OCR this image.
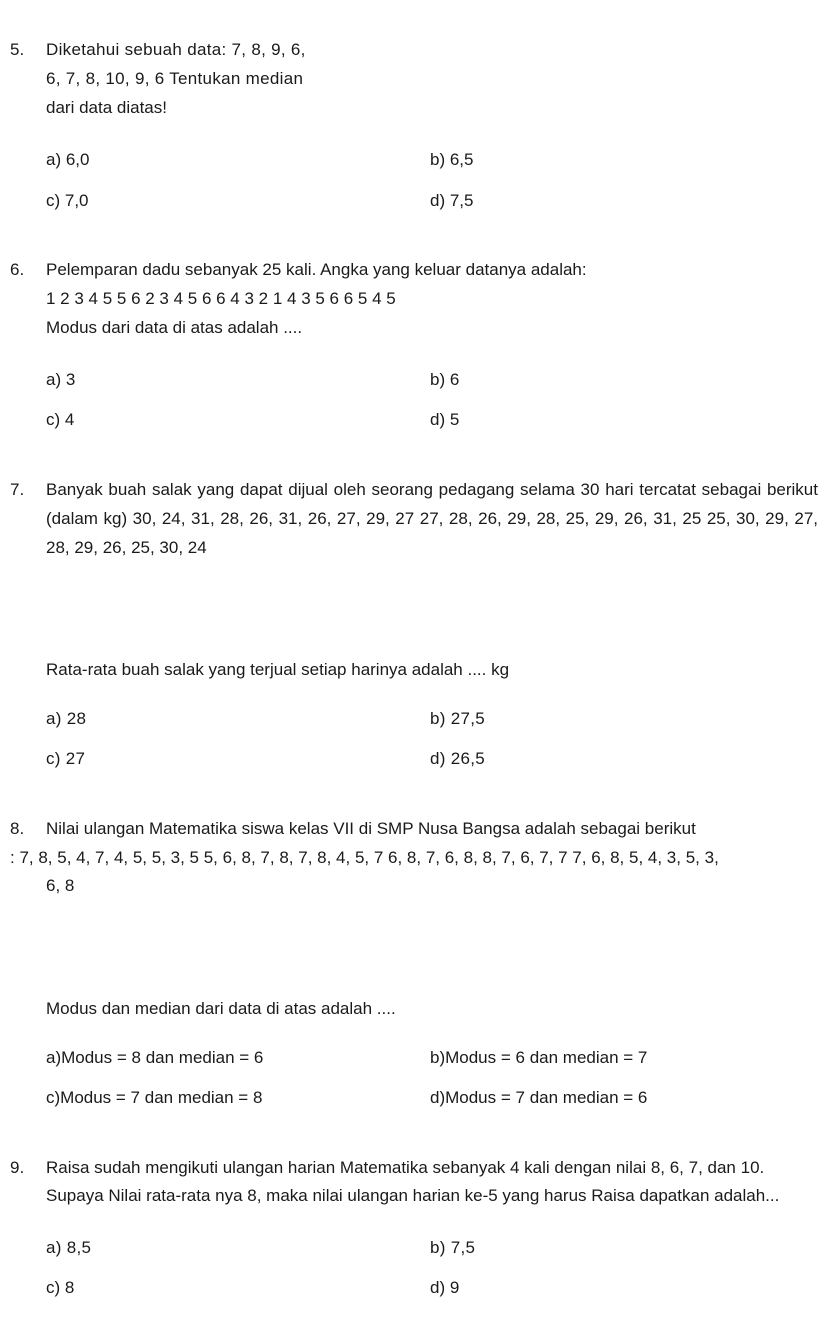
5. Diketahui sebuah data: 7, 8, 9, 6,
6, 7, 8, 10, 9, 6 Tentukan median
dari data diatas!
a) 6,0	b) 6,5
c) 7,0	d) 7,5
6. Pelemparan dadu sebanyak 25 kali. Angka yang keluar datanya adalah:
1 2 3 4 5 5 6 2 3 4 5 6 6 4 3 2 1 4 3 5 6 6 5 4 5
Modus dari data di atas adalah ....
a) 3	b) 6
c) 4	d) 5
7. Banyak buah salak yang dapat dijual oleh seorang pedagang selama 30 hari tercatat sebagai berikut (dalam kg) 30, 24, 31, 28, 26, 31, 26, 27, 29, 27 27, 28, 26, 29, 28, 25, 29, 26, 31, 25 25, 30, 29, 27, 28, 29, 26, 25, 30, 24
Rata-rata buah salak yang terjual setiap harinya adalah .... kg
a) 28	b) 27,5
c) 27	d) 26,5
8. Nilai ulangan Matematika siswa kelas VII di SMP Nusa Bangsa adalah sebagai berikut
: 7, 8, 5, 4, 7, 4, 5, 5, 3, 5 5, 6, 8, 7, 8, 7, 8, 4, 5, 7 6, 8, 7, 6, 8, 8, 7, 6, 7, 7 7, 6, 8, 5, 4, 3, 5, 3,
6, 8
Modus dan median dari data di atas adalah ....
a)Modus = 8 dan median = 6	b)Modus = 6 dan median = 7
c)Modus = 7 dan median = 8	d)Modus = 7 dan median = 6
9. Raisa sudah mengikuti ulangan harian Matematika sebanyak 4 kali dengan nilai 8, 6, 7, dan 10.
Supaya Nilai rata-rata nya 8, maka nilai ulangan harian ke-5 yang harus Raisa dapatkan adalah...
a) 8,5	b) 7,5
c) 8	d) 9
